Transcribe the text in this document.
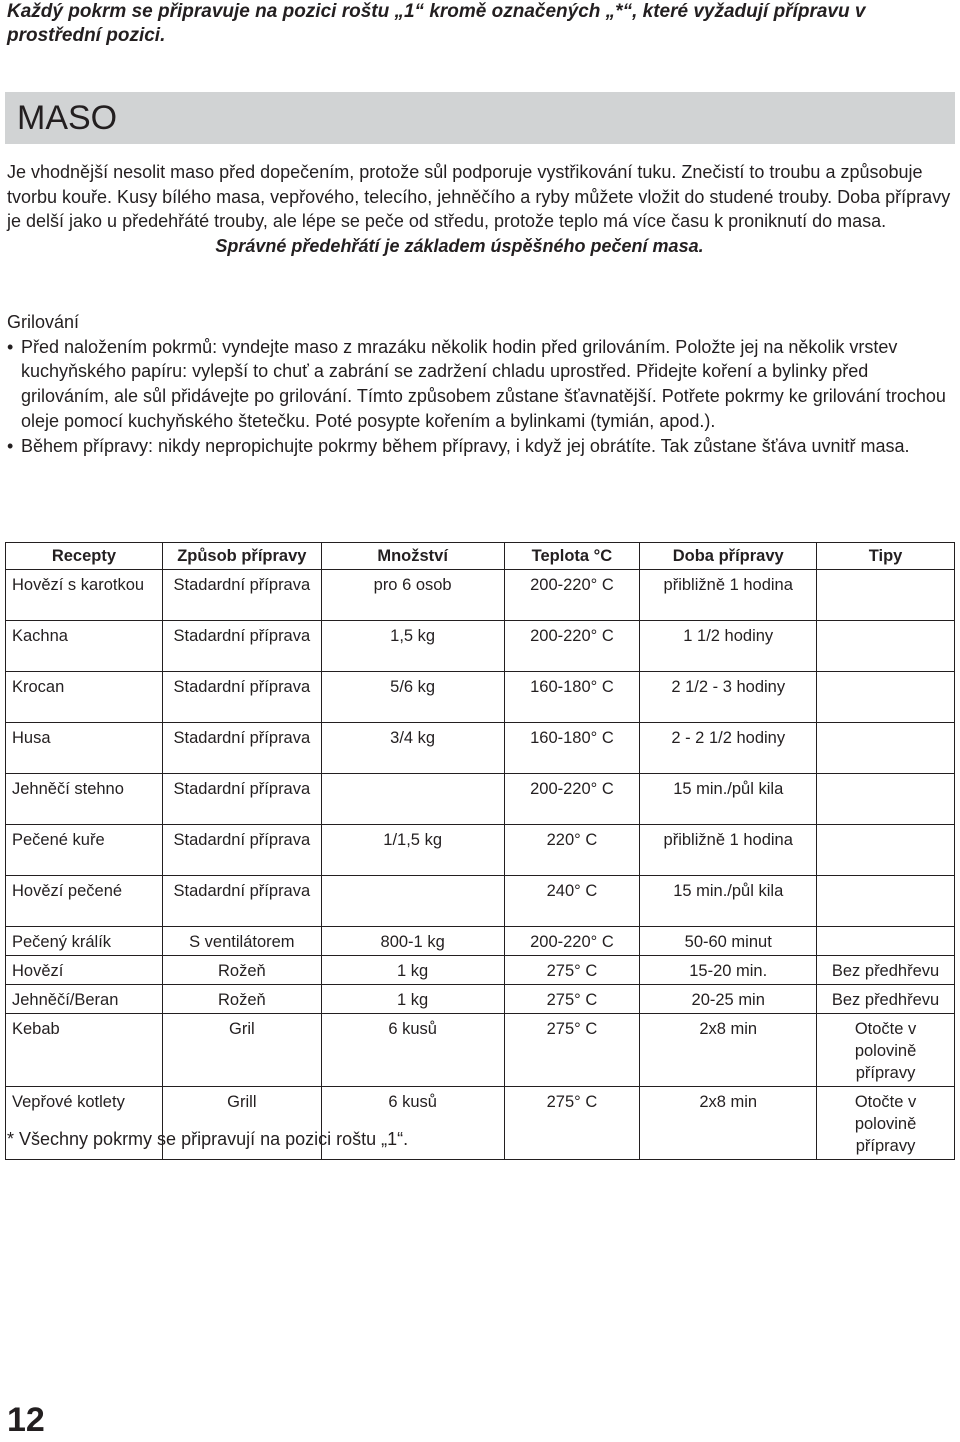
Každý pokrm se připravuje na pozici roštu „1“ kromě označených „*“, které vyžadují přípravu v prostřední pozici.
MASO

Je vhodnější nesolit maso před dopečením, protože sůl podporuje vystřikování tuku. Znečistí to troubu a způsobuje tvorbu kouře. Kusy bílého masa, vepřového, telecího, jehněčího a ryby můžete vložit do studené trouby. Doba přípravy je delší jako u předehřáté trouby, ale lépe se peče od středu, protože teplo má více času k proniknutí do masa.

Správné předehřátí je základem úspěšného pečení masa.

Grilování

• Před naložením pokrmů: vyndejte maso z mrazáku několik hodin před grilováním. Položte jej na několik vrstev kuchyňského papíru: vylepší to chuť a zabrání se zadržení chladu uprostřed. Přidejte koření a bylinky před grilováním, ale sůl přidávejte po grilování. Tímto způsobem zůstane šťavnatější. Potřete pokrmy ke grilování trochou oleje pomocí kuchyňského štetečku. Poté posypte kořením a bylinkami (tymián, apod.).
• Během přípravy: nikdy nepropichujte pokrmy během přípravy, i když jej obrátíte. Tak zůstane šťáva uvnitř masa.
Recepty	Způsob přípravy	Množství	Teplota °C	Doba přípravy	Tipy
Hovězí s karotkou	Stadardní příprava	pro 6 osob	200-220° C	přibližně 1 hodina	
Kachna	Stadardní příprava	1,5 kg	200-220° C	1 1/2 hodiny	
Krocan	Stadardní příprava	5/6 kg	160-180° C	2 1/2 - 3 hodiny	
Husa	Stadardní příprava	3/4 kg	160-180° C	2 - 2 1/2 hodiny	
Jehněčí stehno	Stadardní příprava		200-220° C	15 min./půl kila	
Pečené kuře	Stadardní příprava	1/1,5 kg	220° C	přibližně 1 hodina	
Hovězí pečené	Stadardní příprava		240° C	15 min./půl kila	
Pečený králík	S ventilátorem	800-1 kg	200-220° C	50-60 minut	
Hovězí	Rožeň	1 kg	275° C	15-20 min.	Bez předhřevu
Jehněčí/Beran	Rožeň	1 kg	275° C	20-25 min	Bez předhřevu
Kebab	Gril	6 kusů	275° C	2x8 min	Otočte v polovině přípravy
Vepřové kotlety	Grill	6 kusů	275° C	2x8 min	Otočte v polovině přípravy
* Všechny pokrmy se připravují na pozici roštu „1“.
12
